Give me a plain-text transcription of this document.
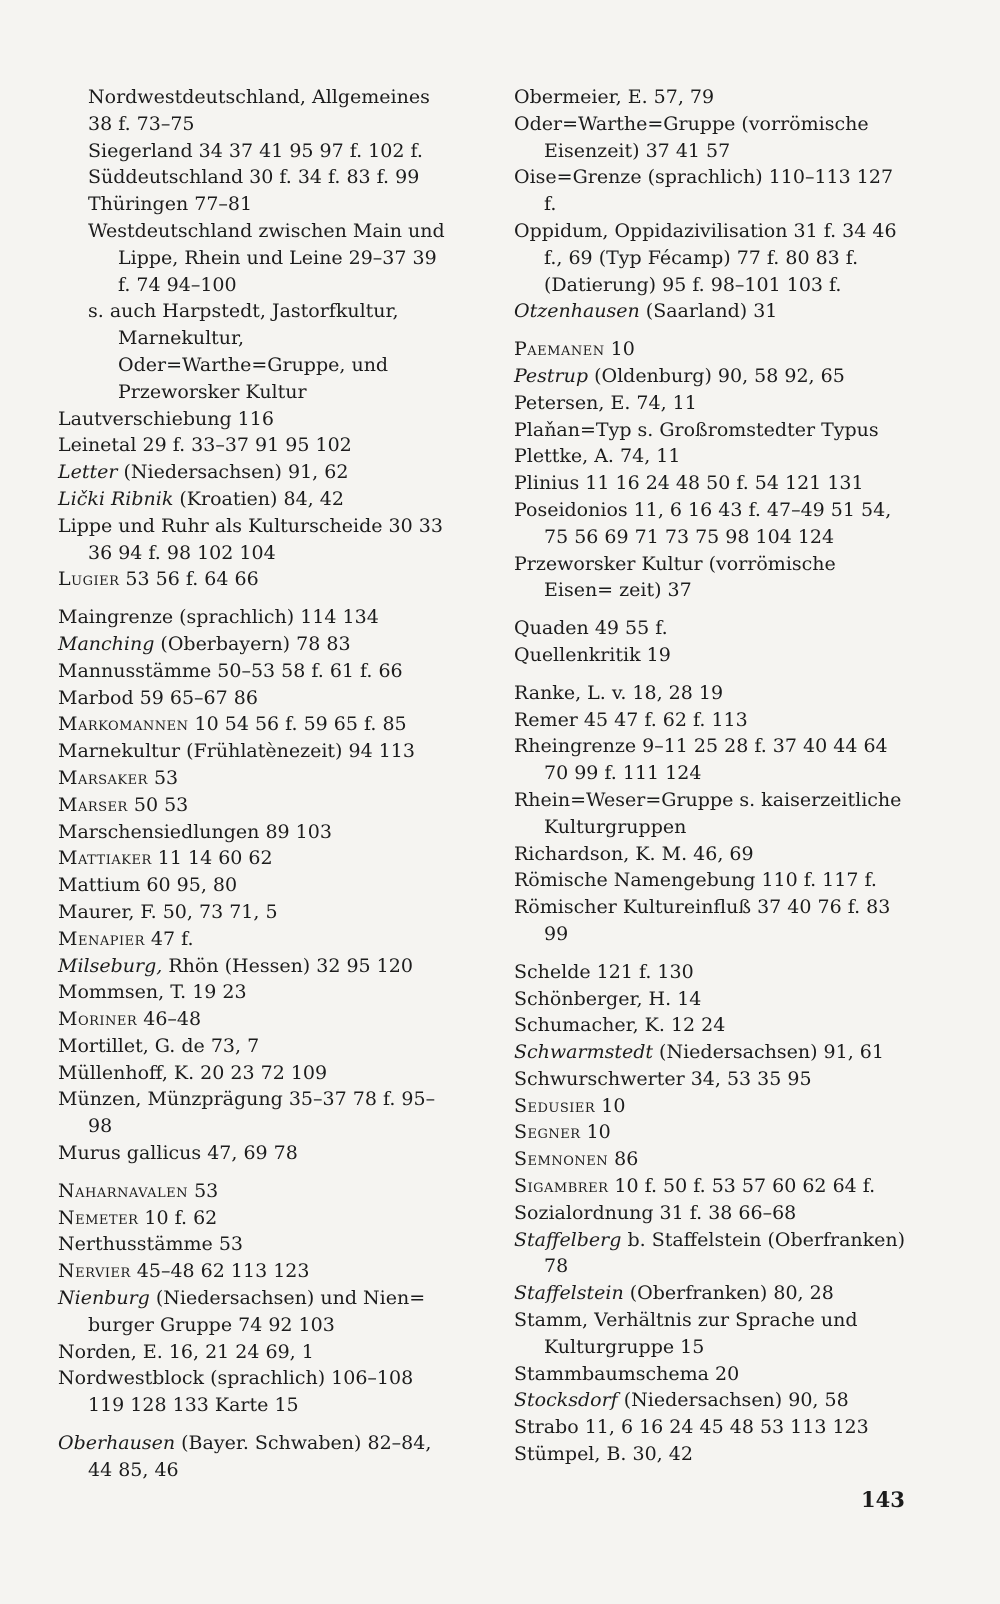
Nordwestdeutschland, Allgemeines
38 f. 73–75
Siegerland 34 37 41 95 97 f. 102 f.
Süddeutschland 30 f. 34 f. 83 f. 99
Thüringen 77–81
Westdeutschland zwischen Main und Lippe, Rhein und Leine 29–37 39 f. 74 94–100
s. auch Harpstedt, Jastorfkultur, Marnekultur, Oder=Warthe=Gruppe, und Przeworsker Kultur
Lautverschiebung 116
Leinetal 29 f. 33–37 91 95 102
Letter (Niedersachsen) 91, 62
Lički Ribnik (Kroatien) 84, 42
Lippe und Ruhr als Kulturscheide 30 33 36 94 f. 98 102 104
Lugier 53 56 f. 64 66
Maingrenze (sprachlich) 114 134
Manching (Oberbayern) 78 83
Mannusstämme 50–53 58 f. 61 f. 66
Marbod 59 65–67 86
Markomannen 10 54 56 f. 59 65 f. 85
Marnekultur (Frühlatènezeit) 94 113
Marsaker 53
Marser 50 53
Marschensiedlungen 89 103
Mattiaker 11 14 60 62
Mattium 60 95, 80
Maurer, F. 50, 73 71, 5
Menapier 47 f.
Milseburg, Rhön (Hessen) 32 95 120
Mommsen, T. 19 23
Moriner 46–48
Mortillet, G. de 73, 7
Müllenhoff, K. 20 23 72 109
Münzen, Münzprägung 35–37 78 f. 95–98
Murus gallicus 47, 69 78
Naharnavalen 53
Nemeter 10 f. 62
Nerthusstämme 53
Nervier 45–48 62 113 123
Nienburg (Niedersachsen) und Nien= burger Gruppe 74 92 103
Norden, E. 16, 21 24 69, 1
Nordwestblock (sprachlich) 106–108 119 128 133 Karte 15
Oberhausen (Bayer. Schwaben) 82–84, 44 85, 46
Obermeier, E. 57, 79
Oder=Warthe=Gruppe (vorrömische Eisenzeit) 37 41 57
Oise=Grenze (sprachlich) 110–113 127 f.
Oppidum, Oppidazivilisation 31 f. 34 46 f., 69 (Typ Fécamp) 77 f. 80 83 f. (Datierung) 95 f. 98–101 103 f.
Otzenhausen (Saarland) 31
Paemanen 10
Pestrup (Oldenburg) 90, 58 92, 65
Petersen, E. 74, 11
Plaňan=Typ s. Großromstedter Typus
Plettke, A. 74, 11
Plinius 11 16 24 48 50 f. 54 121 131
Poseidonios 11, 6 16 43 f. 47–49 51 54, 75 56 69 71 73 75 98 104 124
Przeworsker Kultur (vorrömische Eisen= zeit) 37
Quaden 49 55 f.
Quellenkritik 19
Ranke, L. v. 18, 28 19
Remer 45 47 f. 62 f. 113
Rheingrenze 9–11 25 28 f. 37 40 44 64 70 99 f. 111 124
Rhein=Weser=Gruppe s. kaiserzeitliche Kulturgruppen
Richardson, K. M. 46, 69
Römische Namengebung 110 f. 117 f.
Römischer Kultureinfluß 37 40 76 f. 83 99
Schelde 121 f. 130
Schönberger, H. 14
Schumacher, K. 12 24
Schwarmstedt (Niedersachsen) 91, 61
Schwurschwerter 34, 53 35 95
Sedusier 10
Segner 10
Semnonen 86
Sigambrer 10 f. 50 f. 53 57 60 62 64 f.
Sozialordnung 31 f. 38 66–68
Staffelberg b. Staffelstein (Oberfranken) 78
Staffelstein (Oberfranken) 80, 28
Stamm, Verhältnis zur Sprache und Kulturgruppe 15
Stammbaumschema 20
Stocksdorf (Niedersachsen) 90, 58
Strabo 11, 6 16 24 45 48 53 113 123
Stümpel, B. 30, 42
143
